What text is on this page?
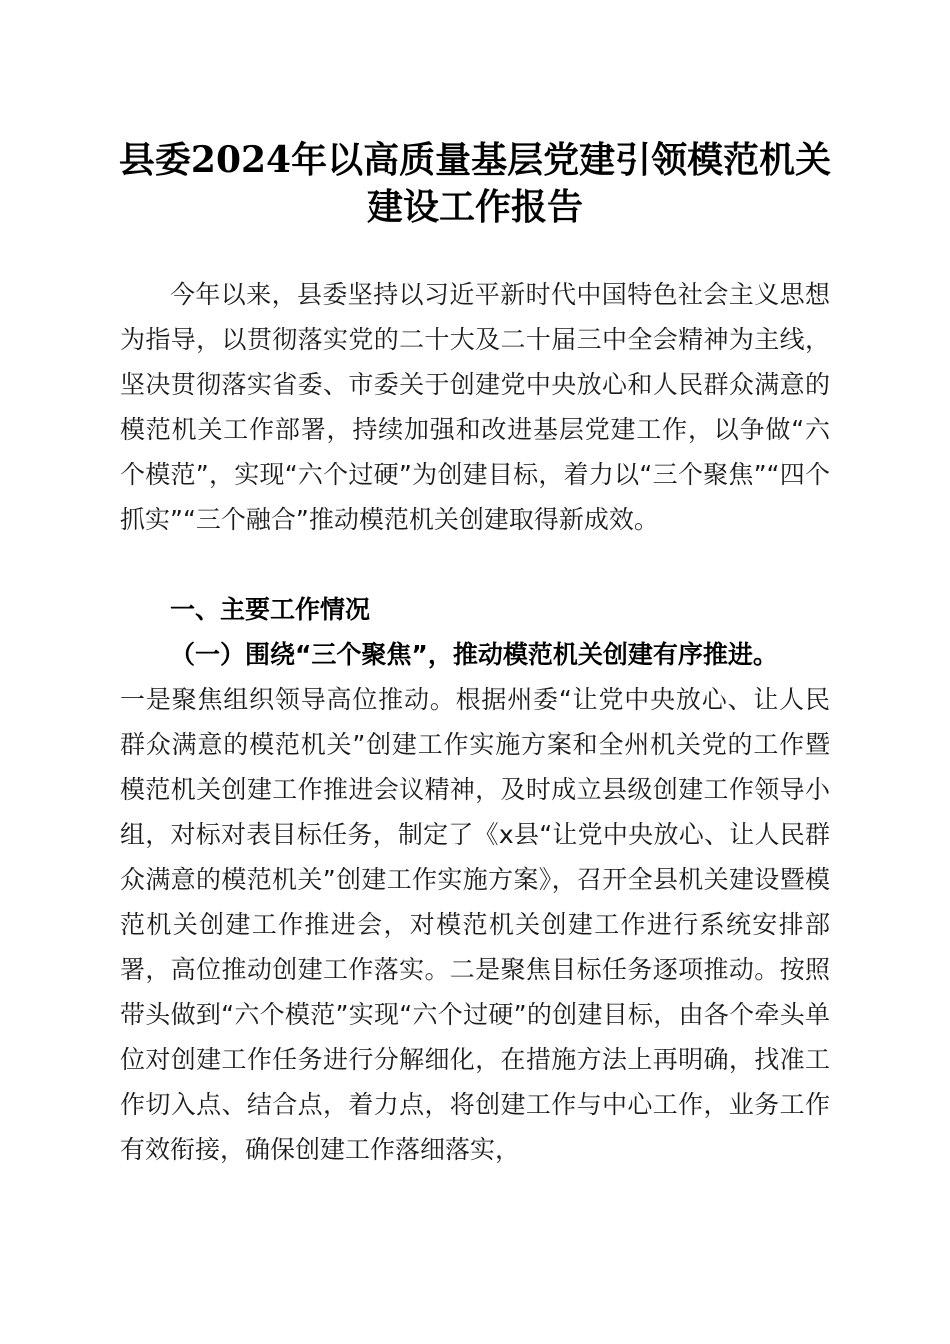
县委2024年以高质量基层党建引领模范机关
建设工作报告

今年以来，县委坚持以习近平新时代中国特色社会主义思想为指导，以贯彻落实党的二十大及二十届三中全会精神为主线，坚决贯彻落实省委、市委关于创建党中央放心和人民群众满意的模范机关工作部署，持续加强和改进基层党建工作，以争做“六个模范”，实现“六个过硬”为创建目标，着力以“三个聚焦”“四个抓实”“三个融合”推动模范机关创建取得新成效。

一、主要工作情况
（一）围绕“三个聚焦”，推动模范机关创建有序推进。

一是聚焦组织领导高位推动。根据州委“让党中央放心、让人民群众满意的模范机关”创建工作实施方案和全州机关党的工作暨模范机关创建工作推进会议精神，及时成立县级创建工作领导小组，对标对表目标任务，制定了《x县“让党中央放心、让人民群众满意的模范机关”创建工作实施方案》，召开全县机关建设暨模范机关创建工作推进会，对模范机关创建工作进行系统安排部署，高位推动创建工作落实。二是聚焦目标任务逐项推动。按照带头做到“六个模范”实现“六个过硬”的创建目标，由各个牵头单位对创建工作任务进行分解细化，在措施方法上再明确，找准工作切入点、结合点，着力点，将创建工作与中心工作，业务工作有效衔接，确保创建工作落细落实，
